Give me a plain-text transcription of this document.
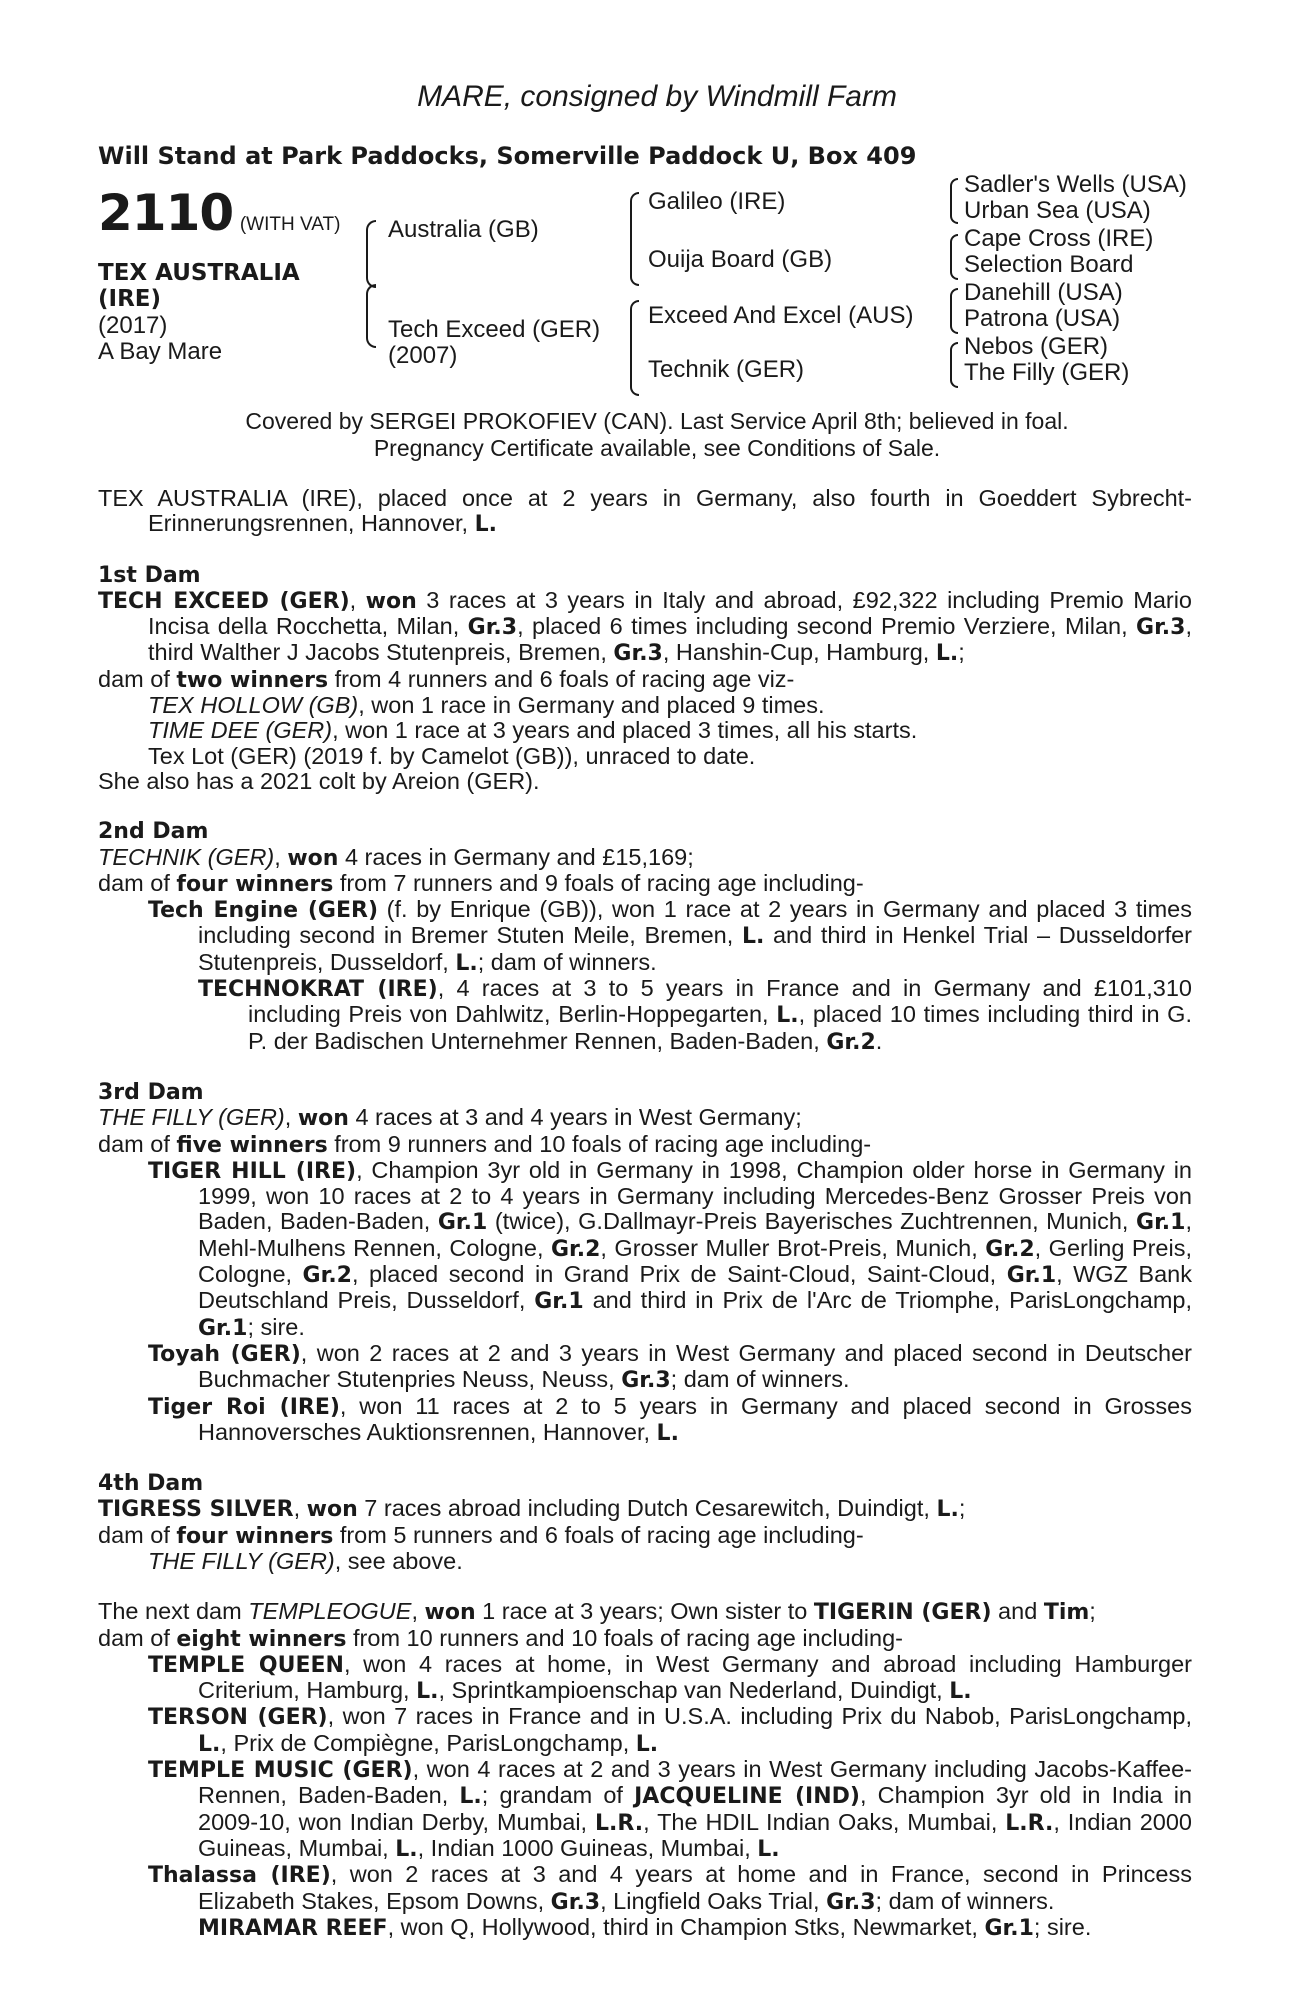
MARE, consigned by Windmill Farm
Will Stand at Park Paddocks, Somerville Paddock U, Box 409
2110 (WITH VAT)
TEX AUSTRALIA
(IRE)
(2017)
A Bay Mare
Australia (GB)
Tech Exceed (GER)
(2007)
Galileo (IRE)
Ouija Board (GB)
Exceed And Excel (AUS)
Technik (GER)
Sadler's Wells (USA)
Urban Sea (USA)
Cape Cross (IRE)
Selection Board
Danehill (USA)
Patrona (USA)
Nebos (GER)
The Filly (GER)
Covered by SERGEI PROKOFIEV (CAN). Last Service April 8th; believed in foal.
Pregnancy Certificate available, see Conditions of Sale.
TEX AUSTRALIA (IRE), placed once at 2 years in Germany, also fourth in Goeddert Sybrecht-Erinnerungsrennen, Hannover, L.
1st Dam
TECH EXCEED (GER), won 3 races at 3 years in Italy and abroad, £92,322 including Premio Mario Incisa della Rocchetta, Milan, Gr.3, placed 6 times including second Premio Verziere, Milan, Gr.3, third Walther J Jacobs Stutenpreis, Bremen, Gr.3, Hanshin-Cup, Hamburg, L.;
dam of two winners from 4 runners and 6 foals of racing age viz-
TEX HOLLOW (GB), won 1 race in Germany and placed 9 times.
TIME DEE (GER), won 1 race at 3 years and placed 3 times, all his starts.
Tex Lot (GER) (2019 f. by Camelot (GB)), unraced to date.
She also has a 2021 colt by Areion (GER).
2nd Dam
TECHNIK (GER), won 4 races in Germany and £15,169;
dam of four winners from 7 runners and 9 foals of racing age including-
Tech Engine (GER) (f. by Enrique (GB)), won 1 race at 2 years in Germany and placed 3 times including second in Bremer Stuten Meile, Bremen, L. and third in Henkel Trial – Dusseldorfer Stutenpreis, Dusseldorf, L.; dam of winners.
TECHNOKRAT (IRE), 4 races at 3 to 5 years in France and in Germany and £101,310 including Preis von Dahlwitz, Berlin-Hoppegarten, L., placed 10 times including third in G. P. der Badischen Unternehmer Rennen, Baden-Baden, Gr.2.
3rd Dam
THE FILLY (GER), won 4 races at 3 and 4 years in West Germany;
dam of five winners from 9 runners and 10 foals of racing age including-
TIGER HILL (IRE), Champion 3yr old in Germany in 1998, Champion older horse in Germany in 1999, won 10 races at 2 to 4 years in Germany including Mercedes-Benz Grosser Preis von Baden, Baden-Baden, Gr.1 (twice), G.Dallmayr-Preis Bayerisches Zuchtrennen, Munich, Gr.1, Mehl-Mulhens Rennen, Cologne, Gr.2, Grosser Muller Brot-Preis, Munich, Gr.2, Gerling Preis, Cologne, Gr.2, placed second in Grand Prix de Saint-Cloud, Saint-Cloud, Gr.1, WGZ Bank Deutschland Preis, Dusseldorf, Gr.1 and third in Prix de l'Arc de Triomphe, ParisLongchamp, Gr.1; sire.
Toyah (GER), won 2 races at 2 and 3 years in West Germany and placed second in Deutscher Buchmacher Stutenpries Neuss, Neuss, Gr.3; dam of winners.
Tiger Roi (IRE), won 11 races at 2 to 5 years in Germany and placed second in Grosses Hannoversches Auktionsrennen, Hannover, L.
4th Dam
TIGRESS SILVER, won 7 races abroad including Dutch Cesarewitch, Duindigt, L.;
dam of four winners from 5 runners and 6 foals of racing age including-
THE FILLY (GER), see above.
The next dam TEMPLEOGUE, won 1 race at 3 years; Own sister to TIGERIN (GER) and Tim;
dam of eight winners from 10 runners and 10 foals of racing age including-
TEMPLE QUEEN, won 4 races at home, in West Germany and abroad including Hamburger Criterium, Hamburg, L., Sprintkampioenschap van Nederland, Duindigt, L.
TERSON (GER), won 7 races in France and in U.S.A. including Prix du Nabob, ParisLongchamp, L., Prix de Compiègne, ParisLongchamp, L.
TEMPLE MUSIC (GER), won 4 races at 2 and 3 years in West Germany including Jacobs-Kaffee-Rennen, Baden-Baden, L.; grandam of JACQUELINE (IND), Champion 3yr old in India in 2009-10, won Indian Derby, Mumbai, L.R., The HDIL Indian Oaks, Mumbai, L.R., Indian 2000 Guineas, Mumbai, L., Indian 1000 Guineas, Mumbai, L.
Thalassa (IRE), won 2 races at 3 and 4 years at home and in France, second in Princess Elizabeth Stakes, Epsom Downs, Gr.3, Lingfield Oaks Trial, Gr.3; dam of winners.
MIRAMAR REEF, won Q, Hollywood, third in Champion Stks, Newmarket, Gr.1; sire.
